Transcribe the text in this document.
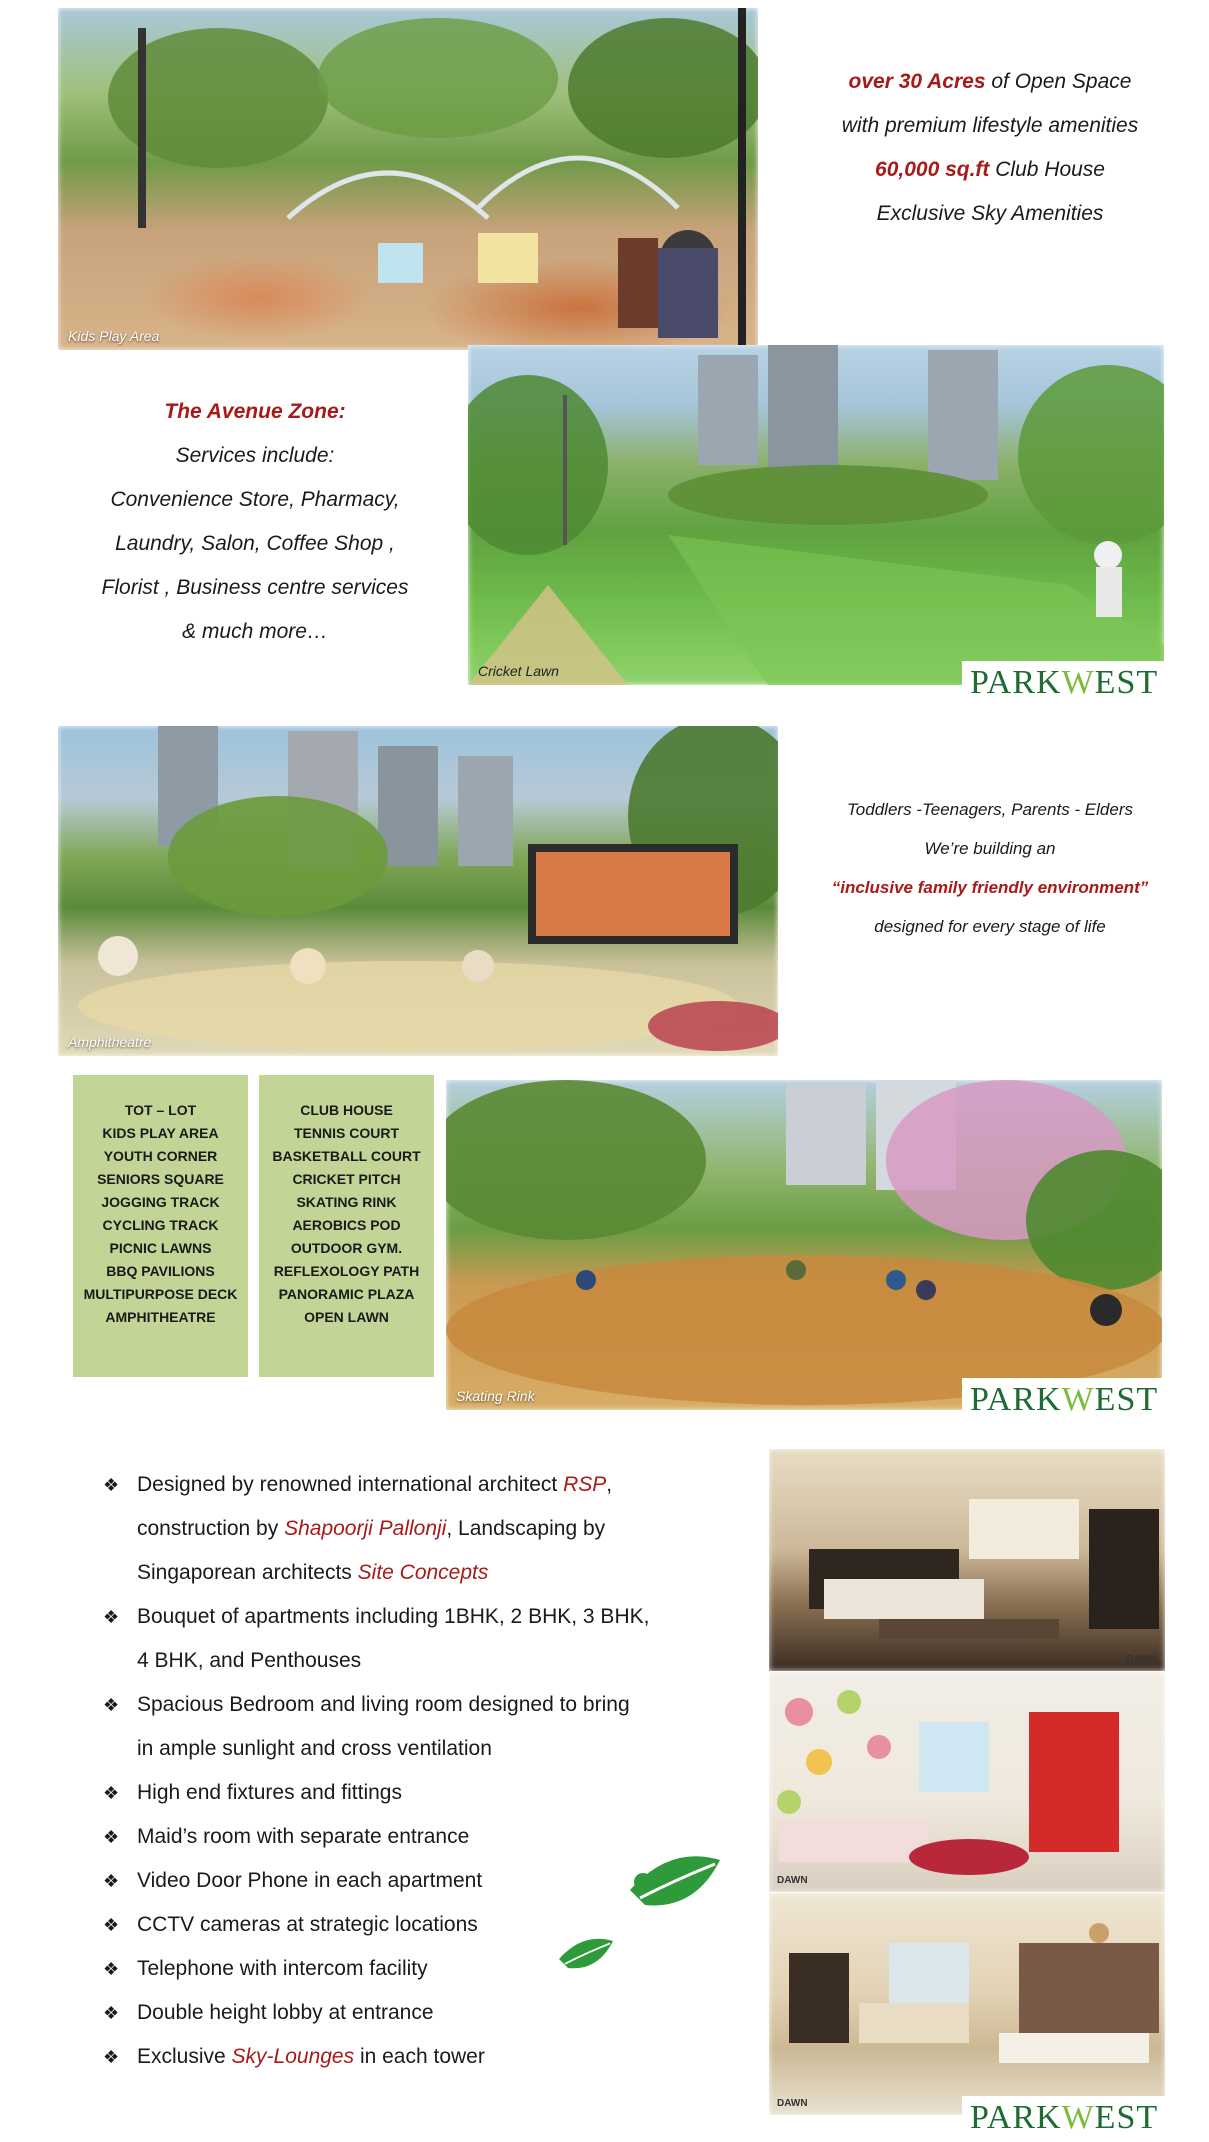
Kids Play Area
over 30 Acres of Open Space
with premium lifestyle amenities
60,000 sq.ft Club House
Exclusive Sky Amenities
The Avenue Zone:
Services include:
Convenience Store, Pharmacy,
Laundry, Salon, Coffee Shop ,
Florist , Business centre services
& much more…
Cricket Lawn	PARKWEST
Amphitheatre
Toddlers -Teenagers, Parents - Elders
We’re building an
“inclusive family friendly environment”
designed for every stage of life
TOT – LOT
KIDS PLAY AREA
YOUTH CORNER
SENIORS SQUARE
JOGGING TRACK
CYCLING TRACK
PICNIC LAWNS
BBQ PAVILIONS
MULTIPURPOSE DECK
AMPHITHEATRE
CLUB HOUSE
TENNIS COURT
BASKETBALL COURT
CRICKET PITCH
SKATING RINK
AEROBICS POD
OUTDOOR GYM.
REFLEXOLOGY PATH
PANORAMIC PLAZA
OPEN LAWN
Skating Rink	PARKWEST
❖ Designed by renowned international architect RSP,
construction by Shapoorji Pallonji, Landscaping by
Singaporean architects Site Concepts
❖ Bouquet of apartments including 1BHK, 2 BHK, 3 BHK,
4 BHK, and Penthouses
❖ Spacious Bedroom and living room designed to bring
in ample sunlight and cross ventilation
❖ High end fixtures and fittings
❖ Maid’s room with separate entrance
❖ Video Door Phone in each apartment
❖ CCTV cameras at strategic locations
❖ Telephone with intercom facility
❖ Double height lobby at entrance
❖ Exclusive Sky-Lounges in each tower
DAWN
DAWN
DAWN	PARKWEST
